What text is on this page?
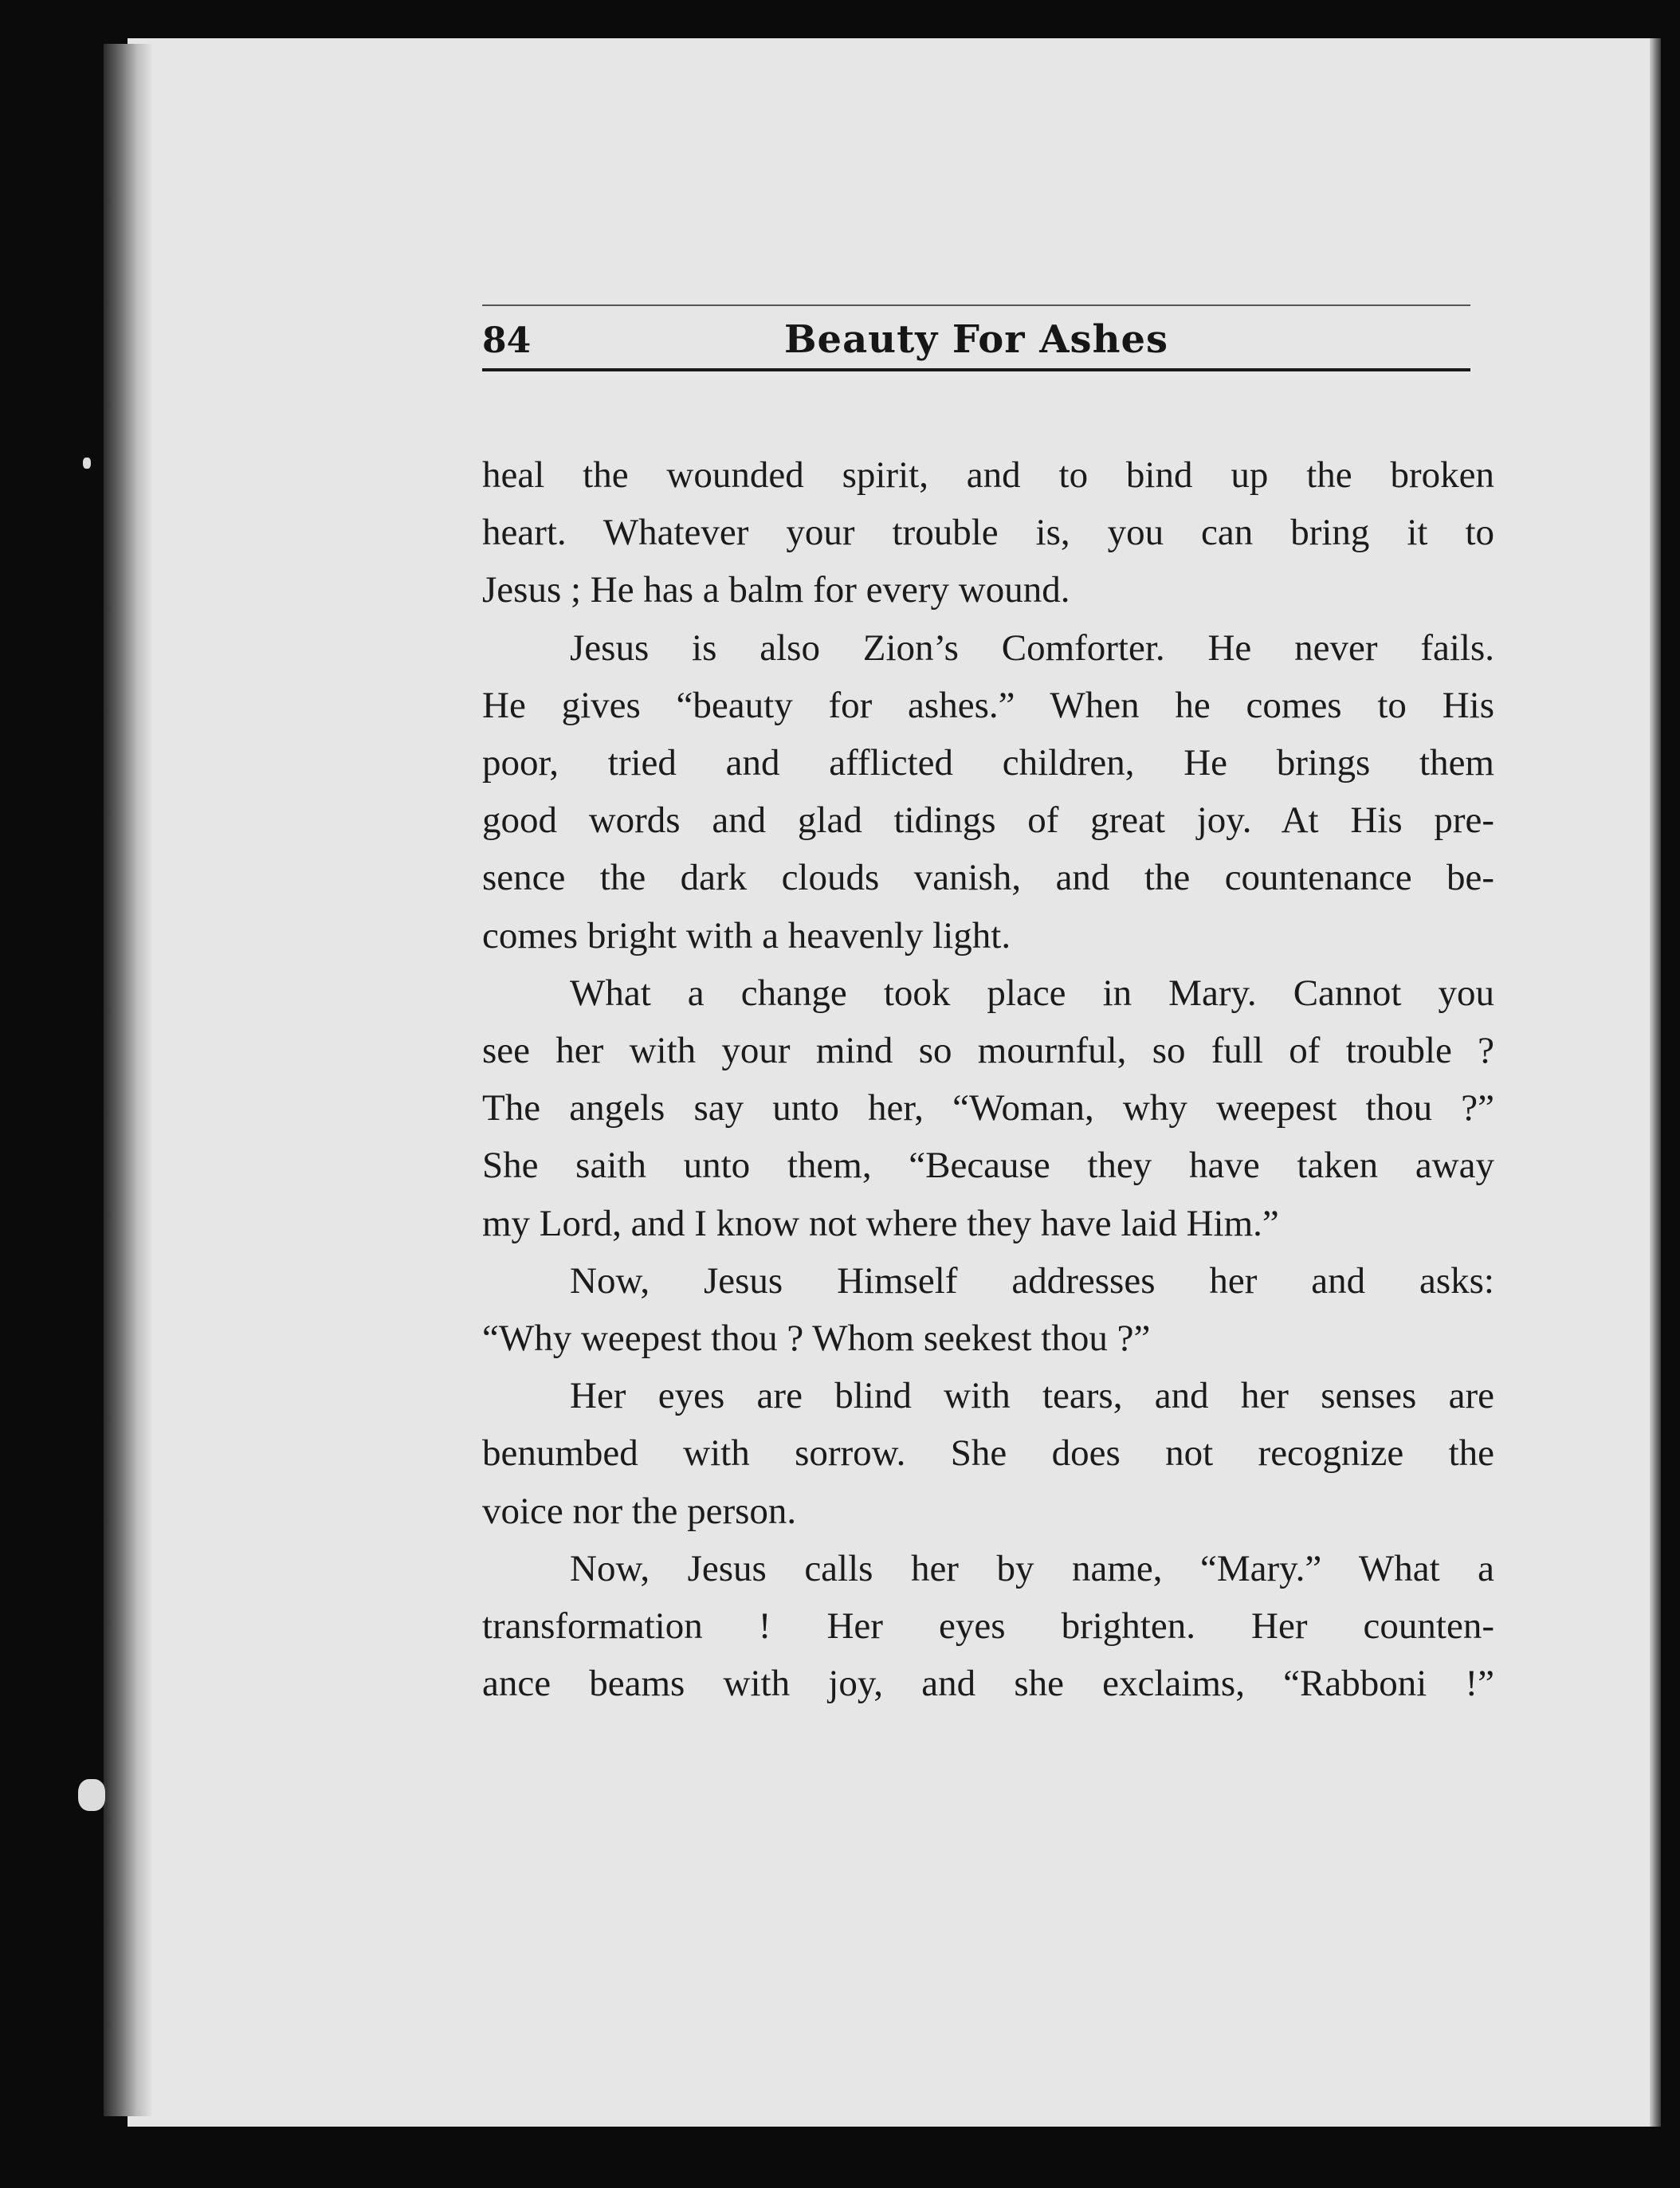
84	Beauty For Ashes

heal the wounded spirit, and to bind up the broken

heart. Whatever your trouble is, you can bring it to

Jesus ; He has a balm for every wound.

Jesus is also Zion’s Comforter. He never fails.

He gives “beauty for ashes.” When he comes to His

poor, tried and afflicted children, He brings them

good words and glad tidings of great joy. At His pre-

sence the dark clouds vanish, and the countenance be-

comes bright with a heavenly light.

What a change took place in Mary. Cannot you

see her with your mind so mournful, so full of trouble ?

The angels say unto her, “Woman, why weepest thou ?”

She saith unto them, “Because they have taken away

my Lord, and I know not where they have laid Him.”

Now, Jesus Himself addresses her and asks:

“Why weepest thou ? Whom seekest thou ?”

Her eyes are blind with tears, and her senses are

benumbed with sorrow. She does not recognize the

voice nor the person.

Now, Jesus calls her by name, “Mary.” What a

transformation ! Her eyes brighten. Her counten-

ance beams with joy, and she exclaims, “Rabboni !”
